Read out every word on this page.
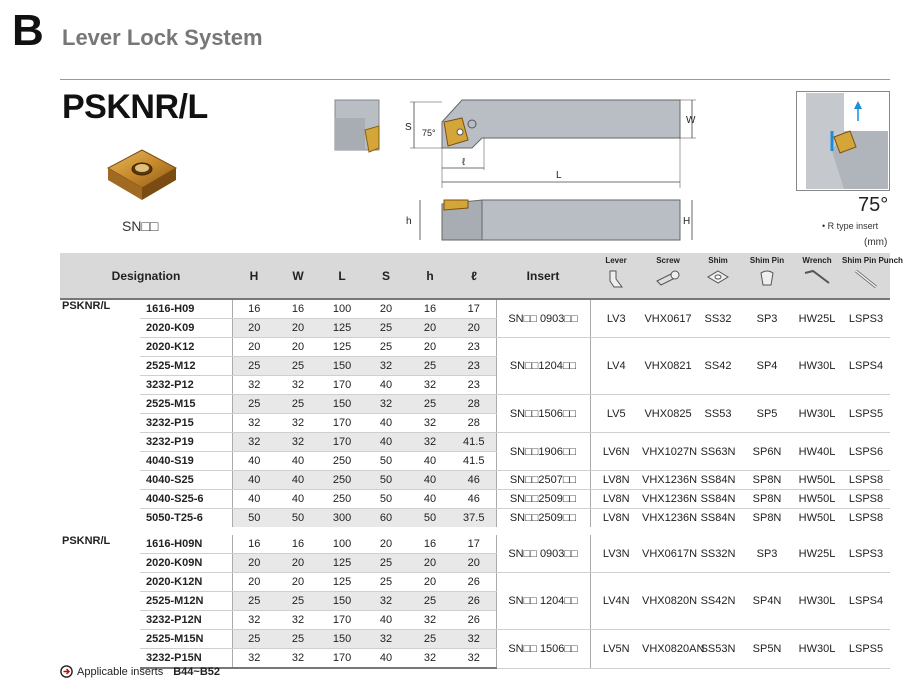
B Lever Lock System
PSKNR/L
SN□□
S
W
75°
ℓ
L
h	H
75°
• R type insert
(mm)
Designation		H	W	L	S	h	ℓ	Insert	Lever	Screw	Shim	Shim Pin	Wrench	Shim Pin Punch

PSKNR/L	1616-H09	16	16	100	20	16	17	SN□□ 0903□□	LV3	VHX0617	SS32	SP3	HW25L	LSPS3
	2020-K09	20	20	125	25	20	20							
	2020-K12	20	20	125	25	20	23	SN□□1204□□	LV4	VHX0821	SS42	SP4	HW30L	LSPS4
	2525-M12	25	25	150	32	25	23							
	3232-P12	32	32	170	40	32	23							
	2525-M15	25	25	150	32	25	28	SN□□1506□□	LV5	VHX0825	SS53	SP5	HW30L	LSPS5
	3232-P15	32	32	170	40	32	28							
	3232-P19	32	32	170	40	32	41.5	SN□□1906□□	LV6N	VHX1027N	SS63N	SP6N	HW40L	LSPS6
	4040-S19	40	40	250	50	40	41.5							
	4040-S25	40	40	250	50	40	46	SN□□2507□□	LV8N	VHX1236N	SS84N	SP8N	HW50L	LSPS8
	4040-S25-6	40	40	250	50	40	46	SN□□2509□□	LV8N	VHX1236N	SS84N	SP8N	HW50L	LSPS8
	5050-T25-6	50	50	300	60	50	37.5	SN□□2509□□	LV8N	VHX1236N	SS84N	SP8N	HW50L	LSPS8
PSKNR/L	1616-H09N	16	16	100	20	16	17	SN□□ 0903□□	LV3N	VHX0617N	SS32N	SP3	HW25L	LSPS3
	2020-K09N	20	20	125	25	20	20							
	2020-K12N	20	20	125	25	20	26	SN□□ 1204□□	LV4N	VHX0820N	SS42N	SP4N	HW30L	LSPS4
	2525-M12N	25	25	150	32	25	26							
	3232-P12N	32	32	170	40	32	26							
	2525-M15N	25	25	150	32	25	32	SN□□ 1506□□	LV5N	VHX0820AN	SS53N	SP5N	HW30L	LSPS5
	3232-P15N	32	32	170	40	32	32							
Applicable inserts B44~B52
